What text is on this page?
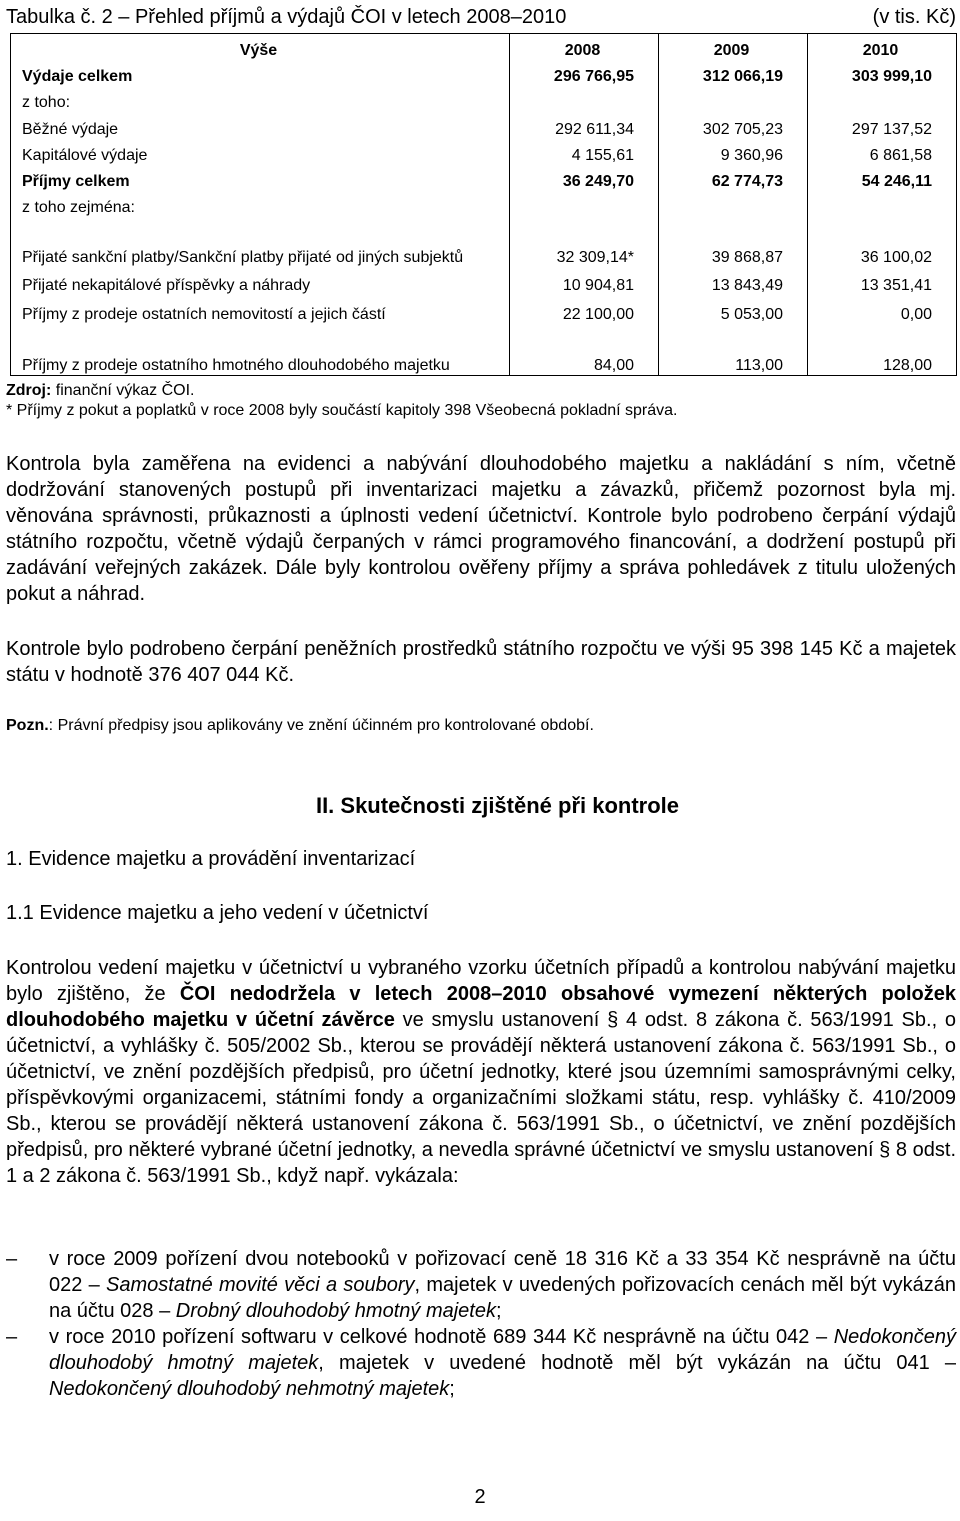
Tabulka č. 2 – Přehled příjmů a výdajů ČOI v letech 2008–2010	(v tis. Kč)
Výše	2008	2009	2010
Výdaje celkem	296 766,95	312 066,19	303 999,10
z toho:			
Běžné výdaje	292 611,34	302 705,23	297 137,52
Kapitálové výdaje	4 155,61	9 360,96	6 861,58
Příjmy celkem	36 249,70	62 774,73	54 246,11
z toho zejména:			
Přijaté sankční platby/Sankční platby přijaté od jiných subjektů	32 309,14*	39 868,87	36 100,02
Přijaté nekapitálové příspěvky a náhrady	10 904,81	13 843,49	13 351,41
Příjmy z prodeje ostatních nemovitostí a jejich částí	22 100,00	5 053,00	0,00
Příjmy z prodeje ostatního hmotného dlouhodobého majetku	84,00	113,00	128,00
Zdroj: finanční výkaz ČOI.
* Příjmy z pokut a poplatků v roce 2008 byly součástí kapitoly 398 Všeobecná pokladní správa.

Kontrola byla zaměřena na evidenci a nabývání dlouhodobého majetku a nakládání s ním, včetně dodržování stanovených postupů při inventarizaci majetku a závazků, přičemž pozornost byla mj. věnována správnosti, průkaznosti a úplnosti vedení účetnictví. Kontrole bylo podrobeno čerpání výdajů státního rozpočtu, včetně výdajů čerpaných v rámci programového financování, a dodržení postupů při zadávání veřejných zakázek. Dále byly kontrolou ověřeny příjmy a správa pohledávek z titulu uložených pokut a náhrad.

Kontrole bylo podrobeno čerpání peněžních prostředků státního rozpočtu ve výši 95 398 145 Kč a majetek státu v hodnotě 376 407 044 Kč.

Pozn.: Právní předpisy jsou aplikovány ve znění účinném pro kontrolované období.
II. Skutečnosti zjištěné při kontrole
1. Evidence majetku a provádění inventarizací
1.1 Evidence majetku a jeho vedení v účetnictví

Kontrolou vedení majetku v účetnictví u vybraného vzorku účetních případů a kontrolou nabývání majetku bylo zjištěno, že ČOI nedodržela v letech 2008–2010 obsahové vymezení některých položek dlouhodobého majetku v účetní závěrce ve smyslu ustanovení § 4 odst. 8 zákona č. 563/1991 Sb., o účetnictví, a vyhlášky č. 505/2002 Sb., kterou se provádějí některá ustanovení zákona č. 563/1991 Sb., o účetnictví, ve znění pozdějších předpisů, pro účetní jednotky, které jsou územními samosprávnými celky, příspěvkovými organizacemi, státními fondy a organizačními složkami státu, resp. vyhlášky č. 410/2009 Sb., kterou se provádějí některá ustanovení zákona č. 563/1991 Sb., o účetnictví, ve znění pozdějších předpisů, pro některé vybrané účetní jednotky, a nevedla správné účetnictví ve smyslu ustanovení § 8 odst. 1 a 2 zákona č. 563/1991 Sb., když např. vykázala:

– v roce 2009 pořízení dvou notebooků v pořizovací ceně 18 316 Kč a 33 354 Kč nesprávně na účtu 022 – Samostatné movité věci a soubory, majetek v uvedených pořizovacích cenách měl být vykázán na účtu 028 – Drobný dlouhodobý hmotný majetek;
– v roce 2010 pořízení softwaru v celkové hodnotě 689 344 Kč nesprávně na účtu 042 – Nedokončený dlouhodobý hmotný majetek, majetek v uvedené hodnotě měl být vykázán na účtu 041 – Nedokončený dlouhodobý nehmotný majetek;
2
